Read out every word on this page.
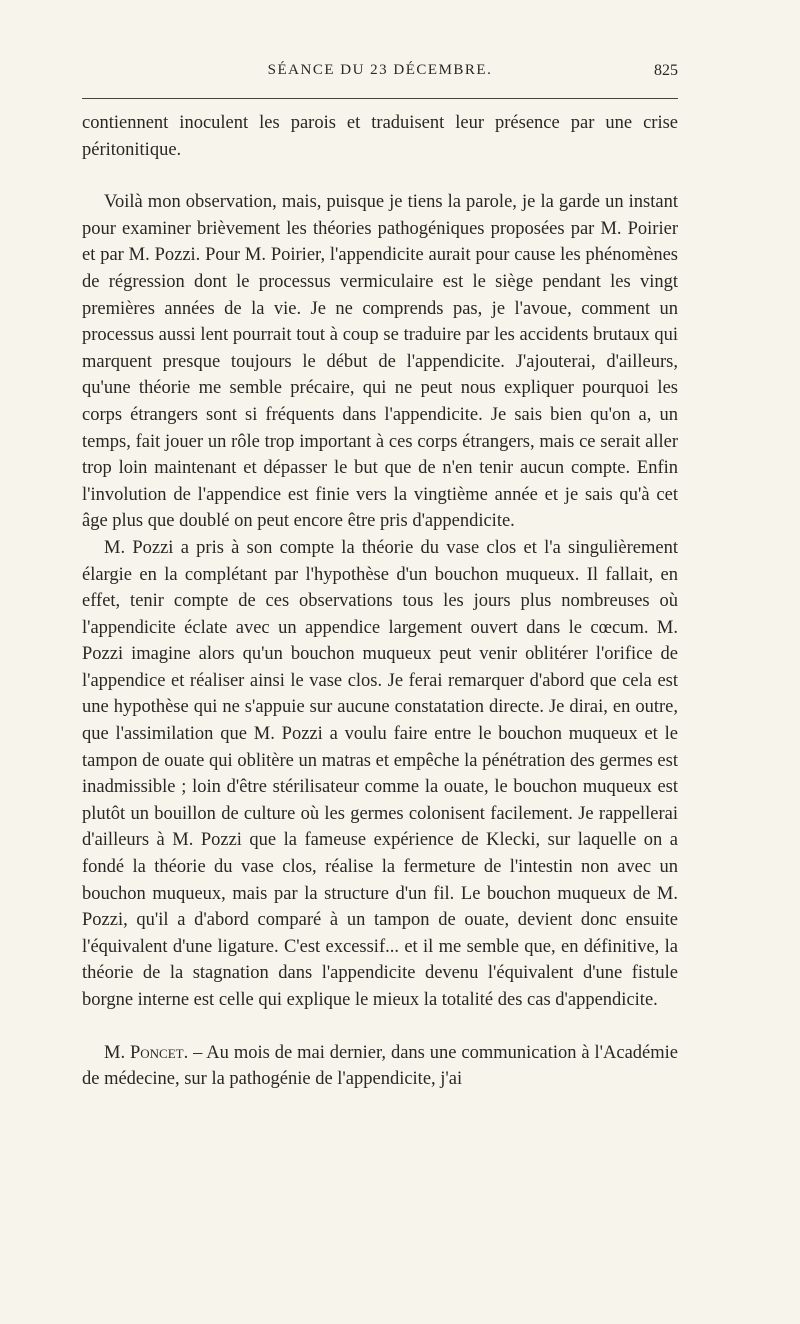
SÉANCE DU 23 DÉCEMBRE.	825

contiennent inoculent les parois et traduisent leur présence par une crise péritonitique.

Voilà mon observation, mais, puisque je tiens la parole, je la garde un instant pour examiner brièvement les théories pathogéniques proposées par M. Poirier et par M. Pozzi. Pour M. Poirier, l'appendicite aurait pour cause les phénomènes de régression dont le processus vermiculaire est le siège pendant les vingt premières années de la vie. Je ne comprends pas, je l'avoue, comment un processus aussi lent pourrait tout à coup se traduire par les accidents brutaux qui marquent presque toujours le début de l'appendicite. J'ajouterai, d'ailleurs, qu'une théorie me semble précaire, qui ne peut nous expliquer pourquoi les corps étrangers sont si fréquents dans l'appendicite. Je sais bien qu'on a, un temps, fait jouer un rôle trop important à ces corps étrangers, mais ce serait aller trop loin maintenant et dépasser le but que de n'en tenir aucun compte. Enfin l'involution de l'appendice est finie vers la vingtième année et je sais qu'à cet âge plus que doublé on peut encore être pris d'appendicite.

M. Pozzi a pris à son compte la théorie du vase clos et l'a singulièrement élargie en la complétant par l'hypothèse d'un bouchon muqueux. Il fallait, en effet, tenir compte de ces observations tous les jours plus nombreuses où l'appendicite éclate avec un appendice largement ouvert dans le cœcum. M. Pozzi imagine alors qu'un bouchon muqueux peut venir oblitérer l'orifice de l'appendice et réaliser ainsi le vase clos. Je ferai remarquer d'abord que cela est une hypothèse qui ne s'appuie sur aucune constatation directe. Je dirai, en outre, que l'assimilation que M. Pozzi a voulu faire entre le bouchon muqueux et le tampon de ouate qui oblitère un matras et empêche la pénétration des germes est inadmissible ; loin d'être stérilisateur comme la ouate, le bouchon muqueux est plutôt un bouillon de culture où les germes colonisent facilement. Je rappellerai d'ailleurs à M. Pozzi que la fameuse expérience de Klecki, sur laquelle on a fondé la théorie du vase clos, réalise la fermeture de l'intestin non avec un bouchon muqueux, mais par la structure d'un fil. Le bouchon muqueux de M. Pozzi, qu'il a d'abord comparé à un tampon de ouate, devient donc ensuite l'équivalent d'une ligature. C'est excessif... et il me semble que, en définitive, la théorie de la stagnation dans l'appendicite devenu l'équivalent d'une fistule borgne interne est celle qui explique le mieux la totalité des cas d'appendicite.

M. Poncet. – Au mois de mai dernier, dans une communication à l'Académie de médecine, sur la pathogénie de l'appendicite, j'ai
